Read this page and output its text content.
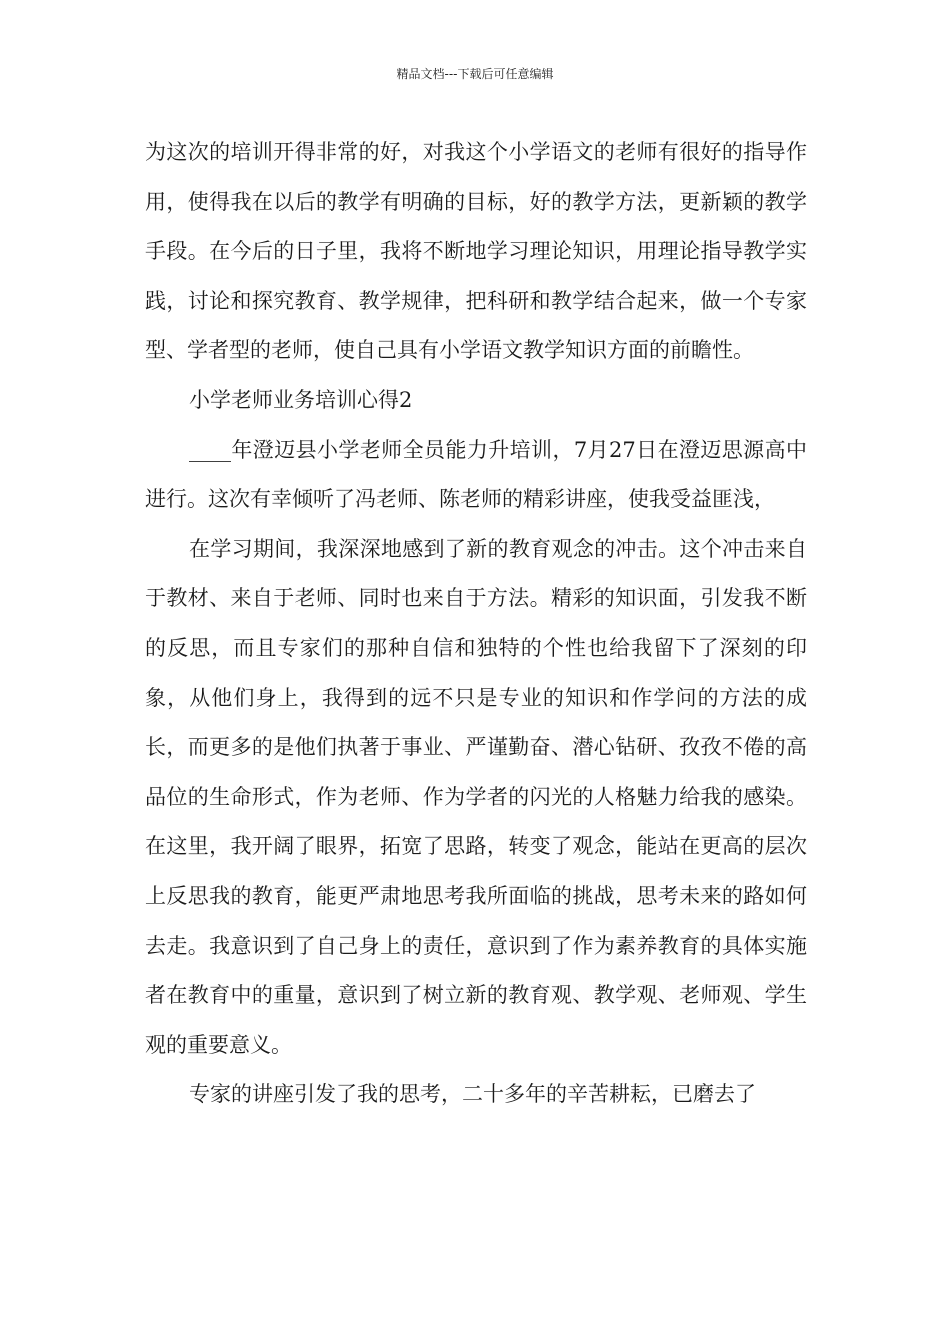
精品文档---下载后可任意编辑

为这次的培训开得非常的好，对我这个小学语文的老师有很好的指导作用，使得我在以后的教学有明确的目标，好的教学方法，更新颖的教学手段。在今后的日子里，我将不断地学习理论知识，用理论指导教学实践，讨论和探究教育、教学规律，把科研和教学结合起来，做一个专家型、学者型的老师，使自己具有小学语文教学知识方面的前瞻性。

小学老师业务培训心得2

____年澄迈县小学老师全员能力升培训，7月27日在澄迈思源高中进行。这次有幸倾听了冯老师、陈老师的精彩讲座，使我受益匪浅，

在学习期间，我深深地感到了新的教育观念的冲击。这个冲击来自于教材、来自于老师、同时也来自于方法。精彩的知识面，引发我不断的反思，而且专家们的那种自信和独特的个性也给我留下了深刻的印象，从他们身上，我得到的远不只是专业的知识和作学问的方法的成长，而更多的是他们执著于事业、严谨勤奋、潜心钻研、孜孜不倦的高品位的生命形式，作为老师、作为学者的闪光的人格魅力给我的感染。在这里，我开阔了眼界，拓宽了思路，转变了观念，能站在更高的层次上反思我的教育，能更严肃地思考我所面临的挑战，思考未来的路如何去走。我意识到了自己身上的责任，意识到了作为素养教育的具体实施者在教育中的重量，意识到了树立新的教育观、教学观、老师观、学生观的重要意义。

专家的讲座引发了我的思考，二十多年的辛苦耕耘，已磨去了
